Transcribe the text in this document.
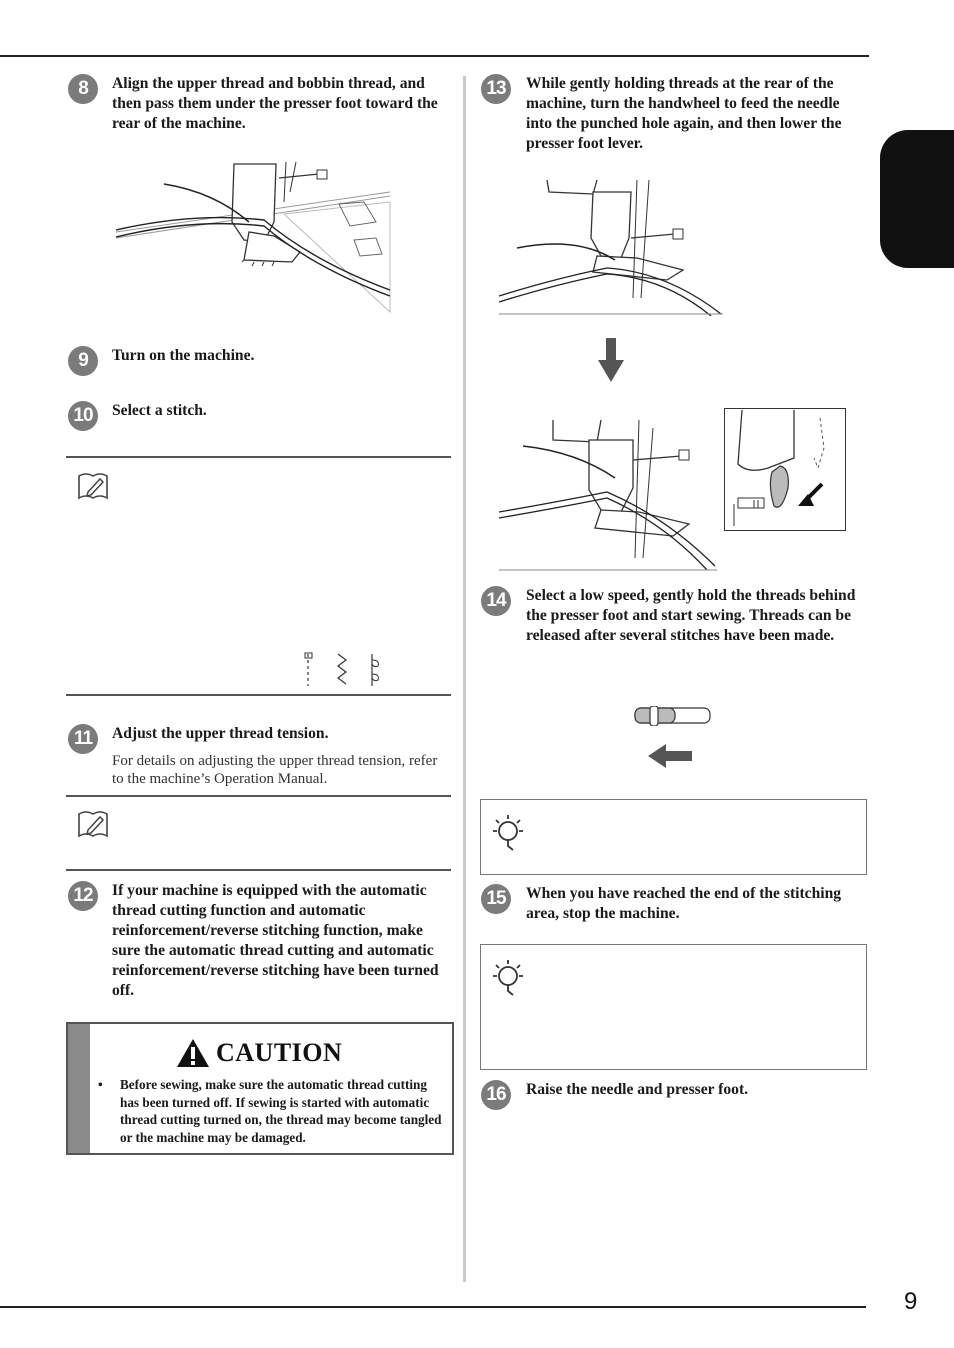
8	Align the upper thread and bobbin thread, and then pass them under the presser foot toward the rear of the machine.
9	Turn on the machine.
10	Select a stitch.
11	Adjust the upper thread tension.
For details on adjusting the upper thread tension, refer to the machine’s Operation Manual.
12	If your machine is equipped with the automatic thread cutting function and automatic reinforcement/reverse stitching function, make sure the automatic thread cutting and automatic reinforcement/reverse stitching have been turned off.
CAUTION
• Before sewing, make sure the automatic thread cutting has been turned off. If sewing is started with automatic thread cutting turned on, the thread may become tangled or the machine may be damaged.
13	While gently holding threads at the rear of the machine, turn the handwheel to feed the needle into the punched hole again, and then lower the presser foot lever.
14	Select a low speed, gently hold the threads behind the presser foot and start sewing. Threads can be released after several stitches have been made.
15	When you have reached the end of the stitching area, stop the machine.
16	Raise the needle and presser foot.
9
